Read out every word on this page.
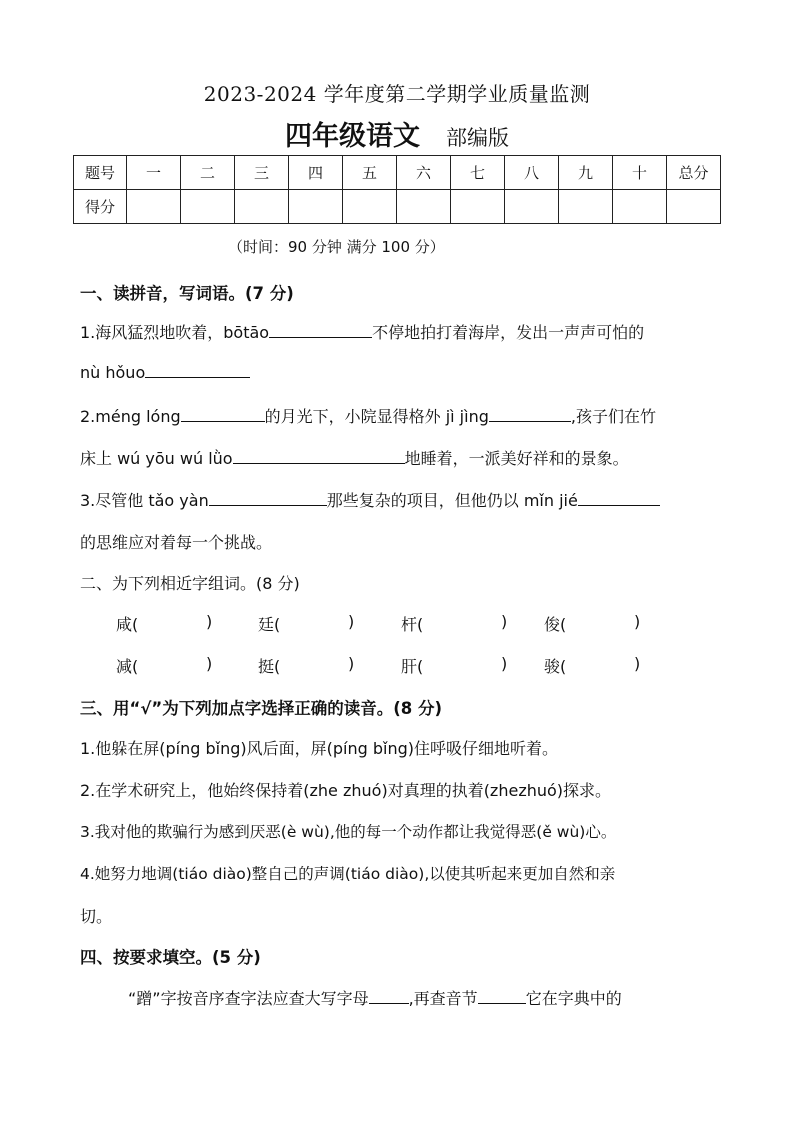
2023-2024 学年度第二学期学业质量监测
四年级语文 部编版
题号	一	二	三	四	五	六	七	八	九	十	总分
得分											
（时间：90 分钟 满分 100 分）
一、读拼音，写词语。(7 分)
1.海风猛烈地吹着，bōtāo	不停地拍打着海岸，发出一声声可怕的
nù hǒuo
2.méng lóng	的月光下，小院显得格外 jì jìng	,孩子们在竹
床上 wú yōu wú lǜo	地睡着，一派美好祥和的景象。
3.尽管他 tǎo yàn	那些复杂的项目，但他仍以 mǐn jié
的思维应对着每一个挑战。
二、为下列相近字组词。(8 分)
咸(	)	廷(	)	杆(	) 俊(	)
减(	)	挺(	)	肝(	) 骏(	)
三、用“√”为下列加点字选择正确的读音。(8 分)
1.他躲在屏(píng bǐng)风后面，屏(píng bǐng)住呼吸仔细地听着。
2.在学术研究上，他始终保持着(zhe zhuó)对真理的执着(zhezhuó)探求。
3.我对他的欺骗行为感到厌恶(è wù),他的每一个动作都让我觉得恶(ě wù)心。
4.她努力地调(tiáo diào)整自己的声调(tiáo diào),以使其听起来更加自然和亲
切。
四、按要求填空。(5 分)
“蹭”字按音序查字法应查大写字母	,再查音节	它在字典中的
